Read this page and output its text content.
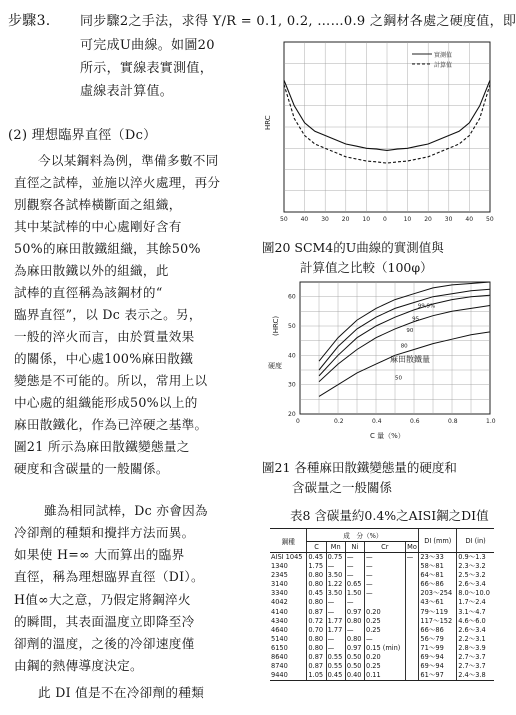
步驟3. 同步驟2之手法，求得 Y/R = 0.1, 0.2, ……0.9 之鋼材各處之硬度值，即
可完成U曲線。如圖20
所示，實線表實測值，
虛線表計算值。
(2) 理想臨界直徑（Dc）
今以某鋼料為例，準備多數不同
直徑之試棒，並施以淬火處理，再分
別觀察各試棒橫斷面之組織，
其中某試棒的中心處剛好含有
50%的麻田散鐵組織，其餘50%
為麻田散鐵以外的組織，此
試棒的直徑稱為該鋼材的“
臨界直徑”，以 Dc 表示之。另，
一般的淬火而言，由於質量效果
的關係，中心處100%麻田散鐵
變態是不可能的。所以，常用上以
中心處的組織能形成50%以上的
麻田散鐵化，作為已淬硬之基準。
圖21 所示為麻田散鐵變態量之
硬度和含碳量的一般關係。
雖為相同試棒，Dc 亦會因為
冷卻劑的種類和攪拌方法而異。
如果使 H=∞ 大而算出的臨界
直徑，稱為理想臨界直徑（DI）。
H值∞大之意，乃假定將鋼淬火
的瞬間，其表面溫度立即降至冷
卻劑的溫度，之後的冷卻速度僅
由鋼的熱傳導度決定。
此 DI 值是不在冷卻劑的種類
HRC
實測值
計算值
50 40 30 20 10 0	10 20 30 40 50
圖20 SCM4的U曲線的實測值與
計算值之比較（100φ）
硬度
(HRC)
99.9%
95
90
80
50
麻田散鐵量
60
50
40
30
20
0	0.2	0.4	0.6	0.8	1.0
C 量（%）
圖21 各種麻田散鐵變態量的硬度和
含碳量之一般關係
表8 含碳量約0.4%之AISI鋼之DI值
鋼種	成　分（%）					DI (mm)	DI (in)
	C	Mn	Ni	Cr	Mo		
AISI 1045	0.45	0.75	—	—	—	23～33	0.9～1.3
1340	1.75	—	—	—		58～81	2.3～3.2
2345	0.80	3.50	—	—		64～81	2.5～3.2
3140	0.80	1.22	0.65	—		66～86	2.6～3.4
3340	0.45	3.50	1.50	—		203～254	8.0～10.0
4042	0.80	—	—			43～61	1.7～2.4
4140	0.87	—	0.97	0.20		79～119	3.1～4.7
4340	0.72	1.77	0.80	0.25		117～152	4.6～6.0
4640	0.70	1.77	—	0.25		66～86	2.6～3.4
5140	0.80	—	0.80	—		56～79	2.2～3.1
6150	0.80	—	0.97	0.15 (min)		71～99	2.8～3.9
8640	0.87	0.55	0.50	0.20		69～94	2.7～3.7
8740	0.87	0.55	0.50	0.25		69～94	2.7～3.7
9440	1.05	0.45	0.40	0.11		61～97	2.4～3.8
